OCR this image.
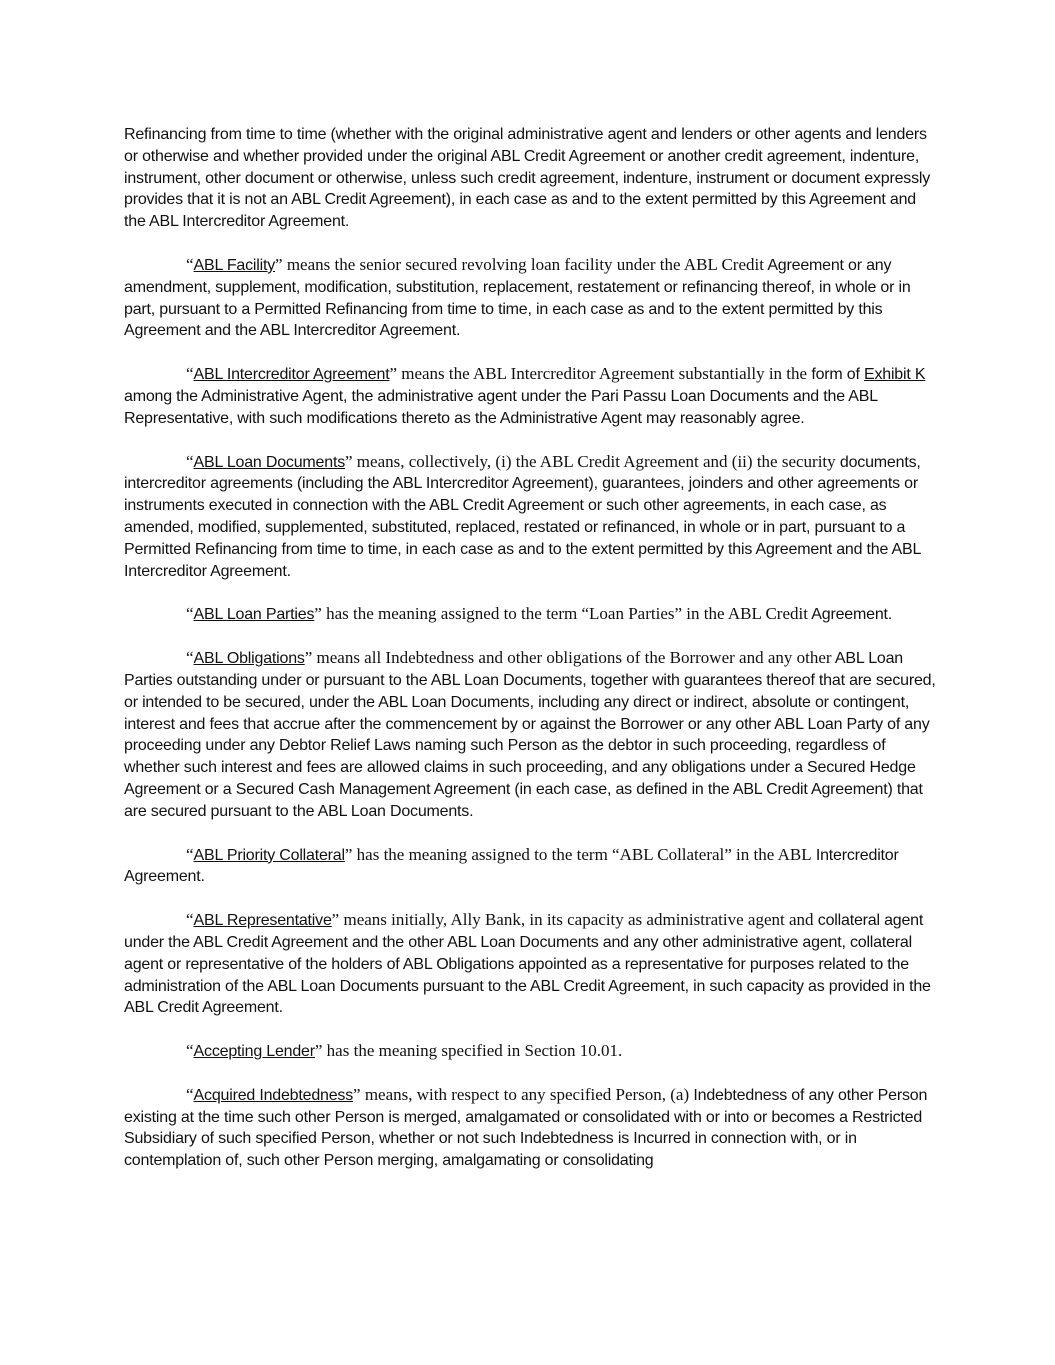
Refinancing from time to time (whether with the original administrative agent and lenders or other agents and lenders or otherwise and whether provided under the original ABL Credit Agreement or another credit agreement, indenture, instrument, other document or otherwise, unless such credit agreement, indenture, instrument or document expressly provides that it is not an ABL Credit Agreement), in each case as and to the extent permitted by this Agreement and the ABL Intercreditor Agreement.

“ABL Facility” means the senior secured revolving loan facility under the ABL Credit Agreement or any amendment, supplement, modification, substitution, replacement, restatement or refinancing thereof, in whole or in part, pursuant to a Permitted Refinancing from time to time, in each case as and to the extent permitted by this Agreement and the ABL Intercreditor Agreement.

“ABL Intercreditor Agreement” means the ABL Intercreditor Agreement substantially in the form of Exhibit K among the Administrative Agent, the administrative agent under the Pari Passu Loan Documents and the ABL Representative, with such modifications thereto as the Administrative Agent may reasonably agree.

“ABL Loan Documents” means, collectively, (i) the ABL Credit Agreement and (ii) the security documents, intercreditor agreements (including the ABL Intercreditor Agreement), guarantees, joinders and other agreements or instruments executed in connection with the ABL Credit Agreement or such other agreements, in each case, as amended, modified, supplemented, substituted, replaced, restated or refinanced, in whole or in part, pursuant to a Permitted Refinancing from time to time, in each case as and to the extent permitted by this Agreement and the ABL Intercreditor Agreement.

“ABL Loan Parties” has the meaning assigned to the term “Loan Parties” in the ABL Credit Agreement.

“ABL Obligations” means all Indebtedness and other obligations of the Borrower and any other ABL Loan Parties outstanding under or pursuant to the ABL Loan Documents, together with guarantees thereof that are secured, or intended to be secured, under the ABL Loan Documents, including any direct or indirect, absolute or contingent, interest and fees that accrue after the commencement by or against the Borrower or any other ABL Loan Party of any proceeding under any Debtor Relief Laws naming such Person as the debtor in such proceeding, regardless of whether such interest and fees are allowed claims in such proceeding, and any obligations under a Secured Hedge Agreement or a Secured Cash Management Agreement (in each case, as defined in the ABL Credit Agreement) that are secured pursuant to the ABL Loan Documents.

“ABL Priority Collateral” has the meaning assigned to the term “ABL Collateral” in the ABL Intercreditor Agreement.

“ABL Representative” means initially, Ally Bank, in its capacity as administrative agent and collateral agent under the ABL Credit Agreement and the other ABL Loan Documents and any other administrative agent, collateral agent or representative of the holders of ABL Obligations appointed as a representative for purposes related to the administration of the ABL Loan Documents pursuant to the ABL Credit Agreement, in such capacity as provided in the ABL Credit Agreement.

“Accepting Lender” has the meaning specified in Section 10.01.

“Acquired Indebtedness” means, with respect to any specified Person, (a) Indebtedness of any other Person existing at the time such other Person is merged, amalgamated or consolidated with or into or becomes a Restricted Subsidiary of such specified Person, whether or not such Indebtedness is Incurred in connection with, or in contemplation of, such other Person merging, amalgamating or consolidating
